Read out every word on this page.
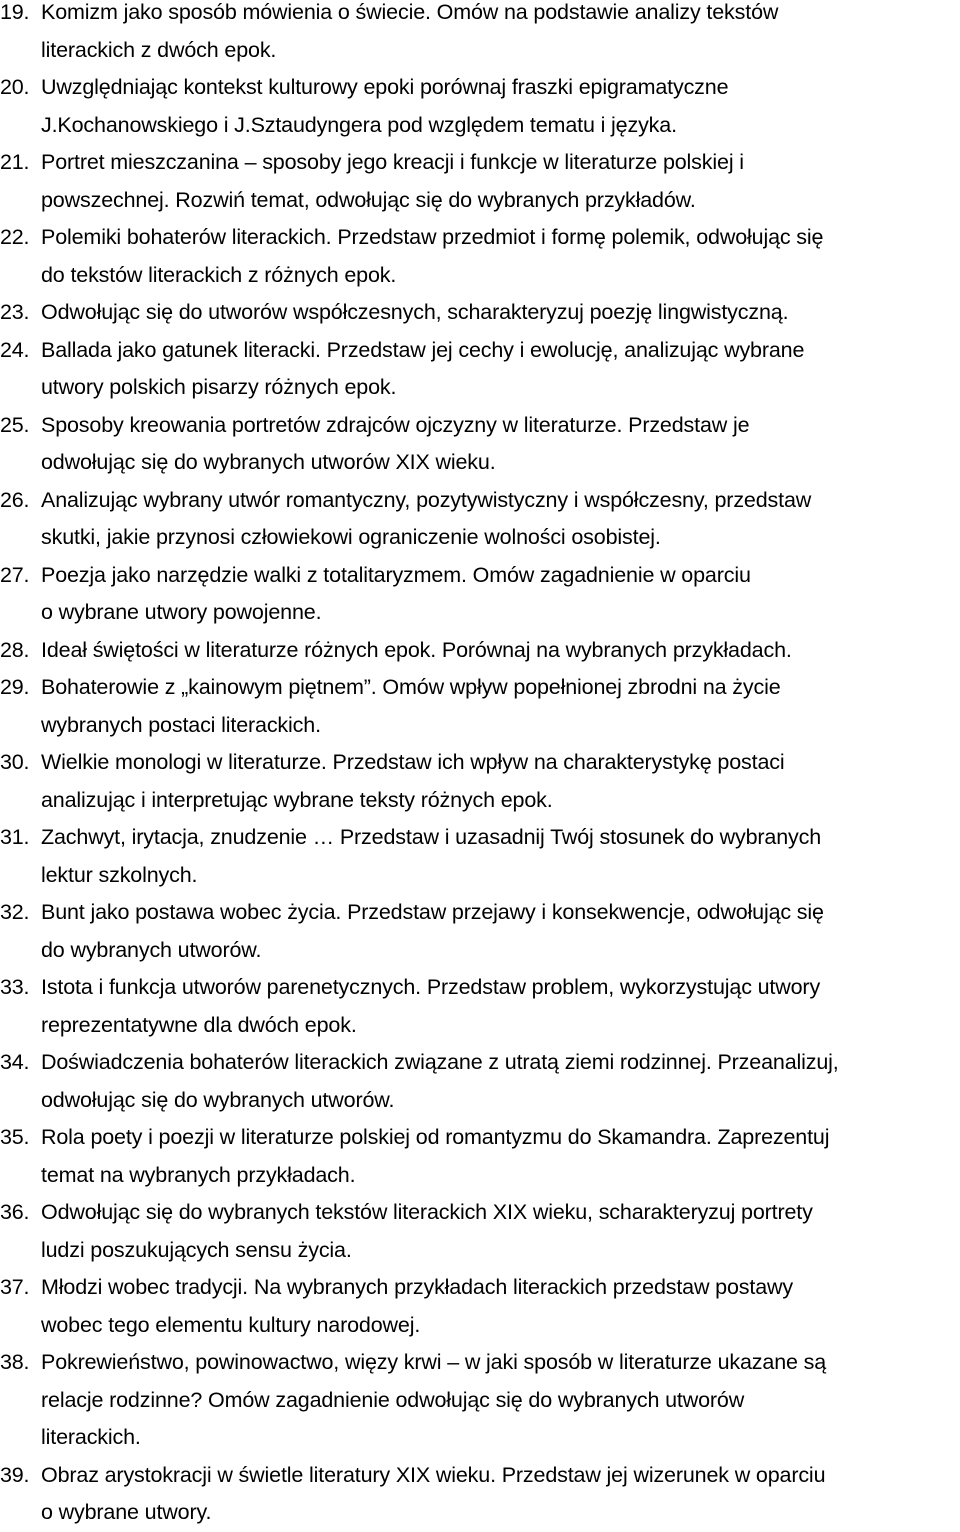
19. Komizm jako sposób mówienia o świecie. Omów na podstawie analizy tekstów
literackich z dwóch epok.
20. Uwzględniając kontekst kulturowy epoki porównaj fraszki epigramatyczne
J.Kochanowskiego i J.Sztaudyngera pod względem tematu i języka.
21. Portret mieszczanina – sposoby jego kreacji i funkcje w literaturze polskiej i
powszechnej. Rozwiń temat, odwołując się do wybranych przykładów.
22. Polemiki bohaterów literackich. Przedstaw przedmiot i formę polemik, odwołując się
do tekstów literackich z różnych epok.
23. Odwołując się do utworów współczesnych, scharakteryzuj poezję lingwistyczną.
24. Ballada jako gatunek literacki. Przedstaw jej cechy i ewolucję, analizując wybrane
utwory polskich pisarzy różnych epok.
25. Sposoby kreowania portretów zdrajców ojczyzny w literaturze. Przedstaw je
odwołując się do wybranych utworów XIX wieku.
26. Analizując wybrany utwór romantyczny, pozytywistyczny i współczesny, przedstaw
skutki, jakie przynosi człowiekowi ograniczenie wolności osobistej.
27. Poezja jako narzędzie walki z totalitaryzmem. Omów zagadnienie w oparciu
o wybrane utwory powojenne.
28. Ideał świętości w literaturze różnych epok. Porównaj na wybranych przykładach.
29. Bohaterowie z „kainowym piętnem”. Omów wpływ popełnionej zbrodni na życie
wybranych postaci literackich.
30. Wielkie monologi w literaturze. Przedstaw ich wpływ na charakterystykę postaci
analizując i interpretując wybrane teksty różnych epok.
31. Zachwyt, irytacja, znudzenie … Przedstaw i uzasadnij Twój stosunek do wybranych
lektur szkolnych.
32. Bunt jako postawa wobec życia. Przedstaw przejawy i konsekwencje, odwołując się
do wybranych utworów.
33. Istota i funkcja utworów parenetycznych. Przedstaw problem, wykorzystując utwory
reprezentatywne dla dwóch epok.
34. Doświadczenia bohaterów literackich związane z utratą ziemi rodzinnej. Przeanalizuj,
odwołując się do wybranych utworów.
35. Rola poety i poezji w literaturze polskiej od romantyzmu do Skamandra. Zaprezentuj
temat na wybranych przykładach.
36. Odwołując się do wybranych tekstów literackich XIX wieku, scharakteryzuj portrety
ludzi poszukujących sensu życia.
37. Młodzi wobec tradycji. Na wybranych przykładach literackich przedstaw postawy
wobec tego elementu kultury narodowej.
38. Pokrewieństwo, powinowactwo, więzy krwi – w jaki sposób w literaturze ukazane są
relacje rodzinne? Omów zagadnienie odwołując się do wybranych utworów
literackich.
39. Obraz arystokracji w świetle literatury XIX wieku. Przedstaw jej wizerunek w oparciu
o wybrane utwory.
